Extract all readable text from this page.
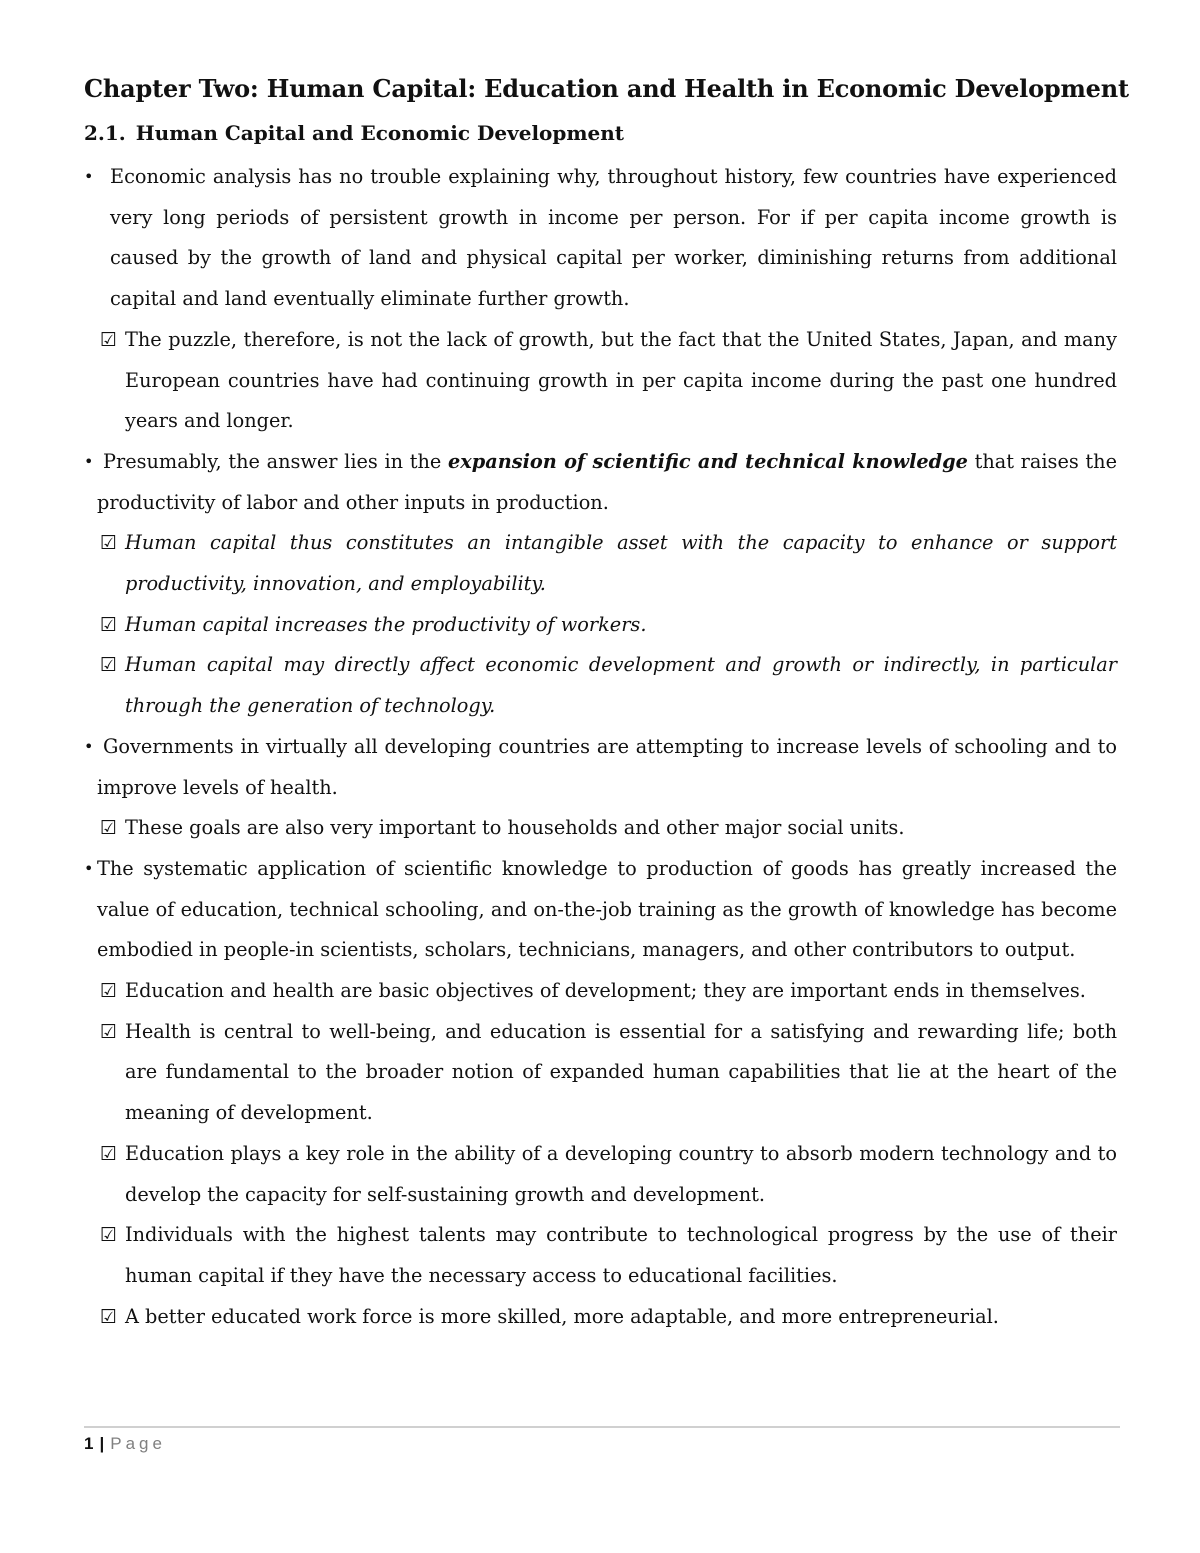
Chapter Two: Human Capital: Education and Health in Economic Development
2.1. Human Capital and Economic Development
• Economic analysis has no trouble explaining why, throughout history, few countries have experienced very long periods of persistent growth in income per person. For if per capita income growth is caused by the growth of land and physical capital per worker, diminishing returns from additional capital and land eventually eliminate further growth.
☑ The puzzle, therefore, is not the lack of growth, but the fact that the United States, Japan, and many European countries have had continuing growth in per capita income during the past one hundred years and longer.
• Presumably, the answer lies in the expansion of scientific and technical knowledge that raises the productivity of labor and other inputs in production.
☑ Human capital thus constitutes an intangible asset with the capacity to enhance or support productivity, innovation, and employability.
☑ Human capital increases the productivity of workers.
☑ Human capital may directly affect economic development and growth or indirectly, in particular through the generation of technology.
• Governments in virtually all developing countries are attempting to increase levels of schooling and to improve levels of health.
☑ These goals are also very important to households and other major social units.
• The systematic application of scientific knowledge to production of goods has greatly increased the value of education, technical schooling, and on-the-job training as the growth of knowledge has become embodied in people-in scientists, scholars, technicians, managers, and other contributors to output.
☑ Education and health are basic objectives of development; they are important ends in themselves.
☑ Health is central to well-being, and education is essential for a satisfying and rewarding life; both are fundamental to the broader notion of expanded human capabilities that lie at the heart of the meaning of development.
☑ Education plays a key role in the ability of a developing country to absorb modern technology and to develop the capacity for self-sustaining growth and development.
☑ Individuals with the highest talents may contribute to technological progress by the use of their human capital if they have the necessary access to educational facilities.
☑ A better educated work force is more skilled, more adaptable, and more entrepreneurial.
1 | Page
